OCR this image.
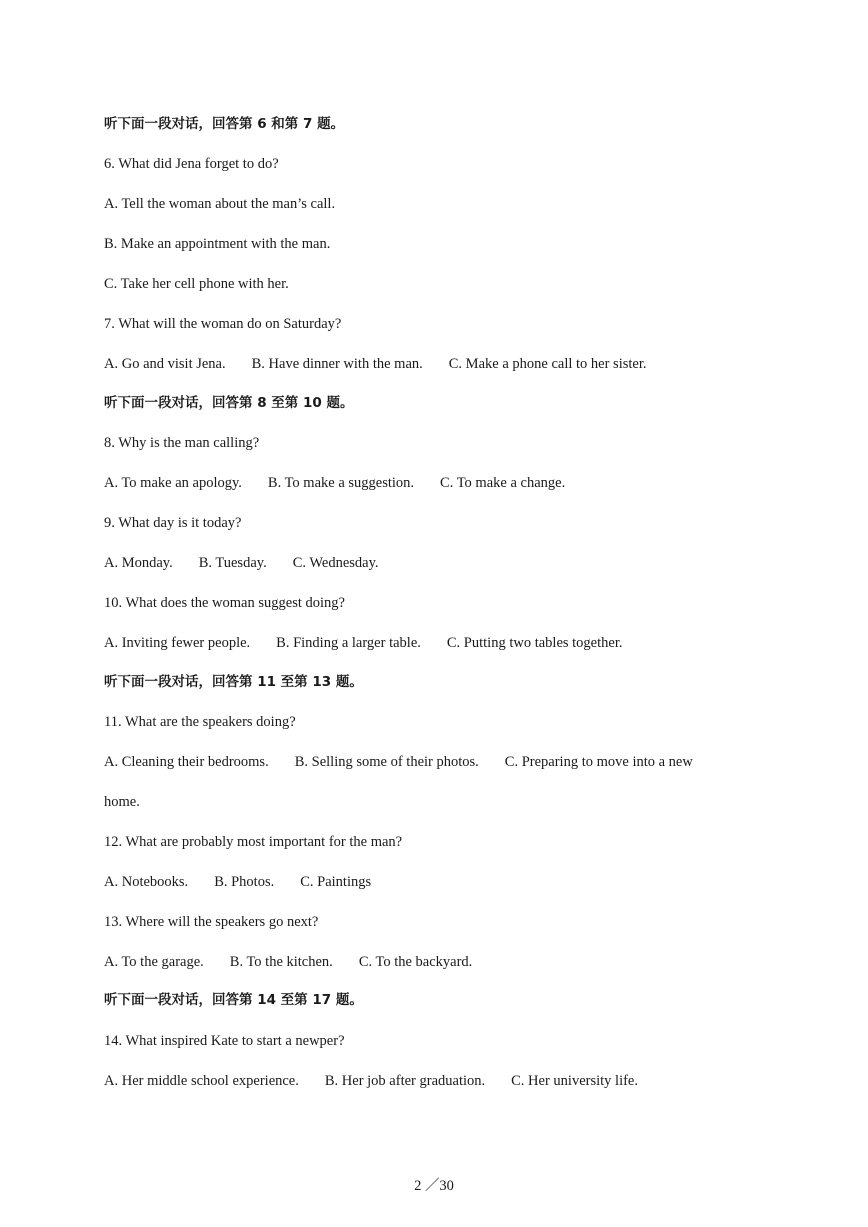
听下面一段对话，回答第 6 和第 7 题。
6. What did Jena forget to do?
A. Tell the woman about the man’s call.
B. Make an appointment with the man.
C. Take her cell phone with her.
7. What will the woman do on Saturday?
A. Go and visit Jena. B. Have dinner with the man. C. Make a phone call to her sister.
听下面一段对话，回答第 8 至第 10 题。
8. Why is the man calling?
A. To make an apology. B. To make a suggestion. C. To make a change.
9. What day is it today?
A. Monday. B. Tuesday. C. Wednesday.
10. What does the woman suggest doing?
A. Inviting fewer people. B. Finding a larger table. C. Putting two tables together.
听下面一段对话，回答第 11 至第 13 题。
11. What are the speakers doing?
A. Cleaning their bedrooms. B. Selling some of their photos. C. Preparing to move into a new
home.
12. What are probably most important for the man?
A. Notebooks. B. Photos. C. Paintings
13. Where will the speakers go next?
A. To the garage. B. To the kitchen. C. To the backyard.
听下面一段对话，回答第 14 至第 17 题。
14. What inspired Kate to start a newper?
A. Her middle school experience. B. Her job after graduation. C. Her university life.
2 ／30
